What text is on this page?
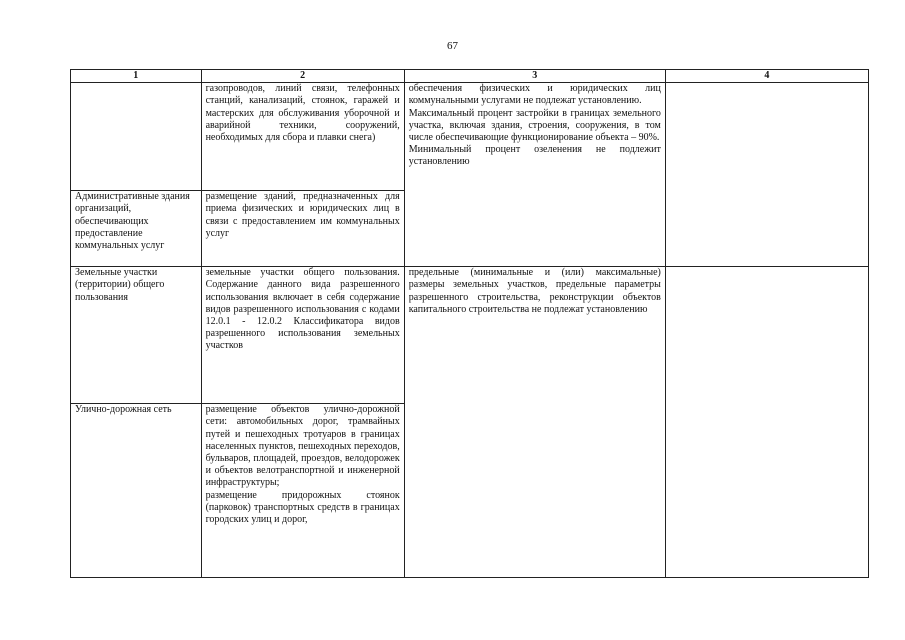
67
1	2	3	4

	газопроводов, линий связи, телефонных станций, канализаций, стоянок, гаражей и мастерских для обслуживания уборочной и аварийной техники, сооружений, необходимых для сбора и плавки снега)	обеспечения физических и юридических лиц коммунальными услугами не подлежат установлению.
Максимальный процент застройки в границах земельного участка, включая здания, строения, сооружения, в том числе обеспечивающие функционирование объекта – 90%.
Минимальный процент озеленения не подлежит установлению	

Административные здания организаций, обеспечивающих предоставление коммунальных услуг	размещение зданий, предназначенных для приема физических и юридических лиц в связи с предоставлением им коммунальных услуг		

Земельные участки (территории) общего пользования	земельные участки общего пользования. Содержание данного вида разрешенного использования включает в себя содержание видов разрешенного использования с кодами 12.0.1 - 12.0.2 Классификатора видов разрешенного использования земельных участков	предельные (минимальные и (или) максимальные) размеры земельных участков, предельные параметры разрешенного строительства, реконструкции объектов капитального строительства не подлежат установлению	

Улично-дорожная сеть	размещение объектов улично-дорожной сети: автомобильных дорог, трамвайных путей и пешеходных тротуаров в границах населенных пунктов, пешеходных переходов, бульваров, площадей, проездов, велодорожек и объектов велотранспортной и инженерной инфраструктуры;
размещение придорожных стоянок (парковок) транспортных средств в границах городских улиц и дорог,		
